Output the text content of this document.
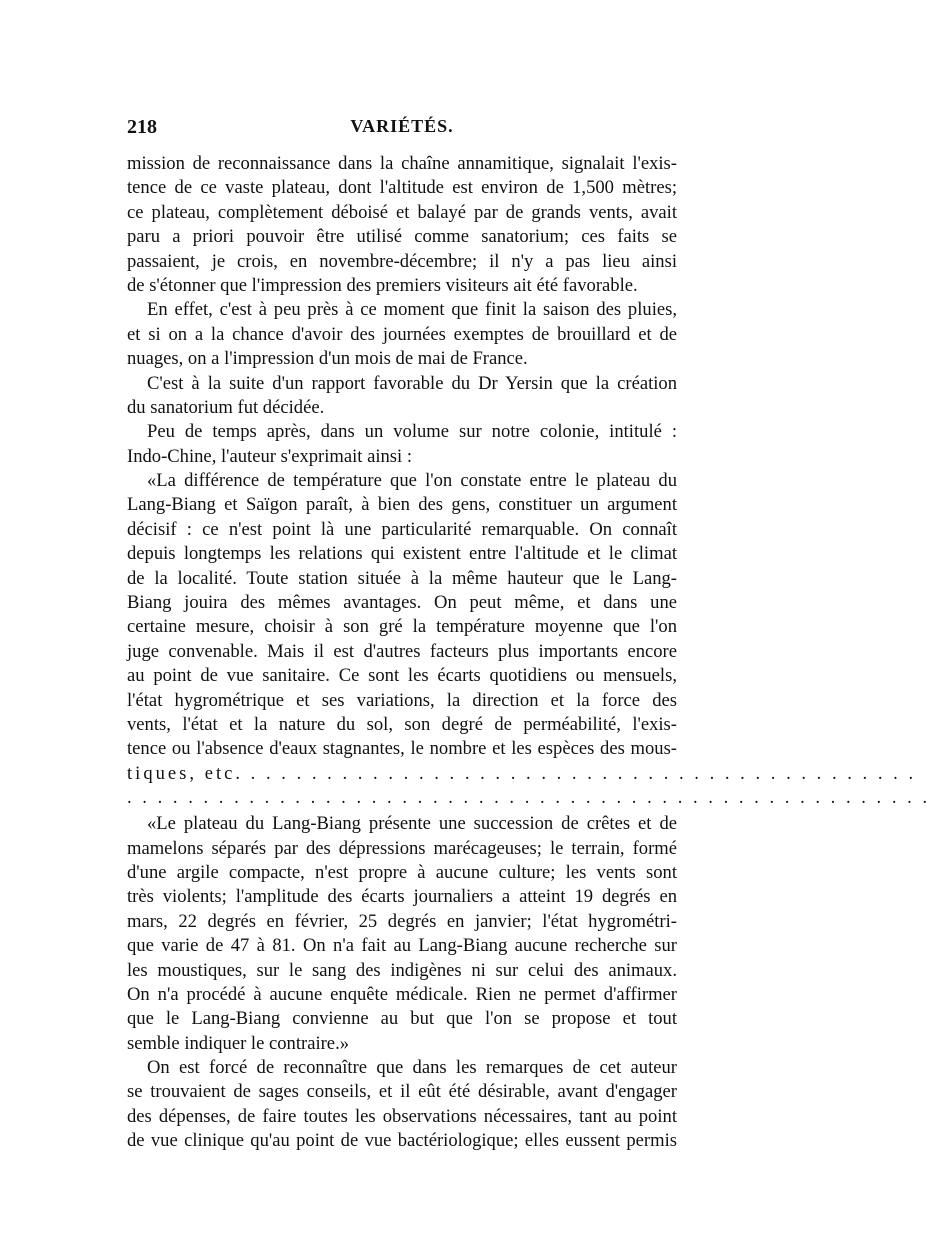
218	VARIÉTÉS.
mission de reconnaissance dans la chaîne annamitique, signalait l'exis-
tence de ce vaste plateau, dont l'altitude est environ de 1,500 mètres;
ce plateau, complètement déboisé et balayé par de grands vents, avait
paru a priori pouvoir être utilisé comme sanatorium; ces faits se
passaient, je crois, en novembre-décembre; il n'y a pas lieu ainsi
de s'étonner que l'impression des premiers visiteurs ait été favorable.
En effet, c'est à peu près à ce moment que finit la saison des pluies,
et si on a la chance d'avoir des journées exemptes de brouillard et de
nuages, on a l'impression d'un mois de mai de France.
C'est à la suite d'un rapport favorable du Dr Yersin que la création
du sanatorium fut décidée.
Peu de temps après, dans un volume sur notre colonie, intitulé :
Indo-Chine, l'auteur s'exprimait ainsi :
«La différence de température que l'on constate entre le plateau du
Lang-Biang et Saïgon paraît, à bien des gens, constituer un argument
décisif : ce n'est point là une particularité remarquable. On connaît
depuis longtemps les relations qui existent entre l'altitude et le climat
de la localité. Toute station située à la même hauteur que le Lang-
Biang jouira des mêmes avantages. On peut même, et dans une
certaine mesure, choisir à son gré la température moyenne que l'on
juge convenable. Mais il est d'autres facteurs plus importants encore
au point de vue sanitaire. Ce sont les écarts quotidiens ou mensuels,
l'état hygrométrique et ses variations, la direction et la force des
vents, l'état et la nature du sol, son degré de perméabilité, l'exis-
tence ou l'absence d'eaux stagnantes, le nombre et les espèces des mous-
tiques, etc. . . . . . . . . . . . . . . . . . . . . . . . . . . . . . . . . . . . . . . . . . . . .
. . . . . . . . . . . . . . . . . . . . . . . . . . . . . . . . . . . . . . . . . . . . . . . . . . . . .
«Le plateau du Lang-Biang présente une succession de crêtes et de
mamelons séparés par des dépressions marécageuses; le terrain, formé
d'une argile compacte, n'est propre à aucune culture; les vents sont
très violents; l'amplitude des écarts journaliers a atteint 19 degrés en
mars, 22 degrés en février, 25 degrés en janvier; l'état hygrométri-
que varie de 47 à 81. On n'a fait au Lang-Biang aucune recherche sur
les moustiques, sur le sang des indigènes ni sur celui des animaux.
On n'a procédé à aucune enquête médicale. Rien ne permet d'affirmer
que le Lang-Biang convienne au but que l'on se propose et tout
semble indiquer le contraire.»
On est forcé de reconnaître que dans les remarques de cet auteur
se trouvaient de sages conseils, et il eût été désirable, avant d'engager
des dépenses, de faire toutes les observations nécessaires, tant au point
de vue clinique qu'au point de vue bactériologique; elles eussent permis
